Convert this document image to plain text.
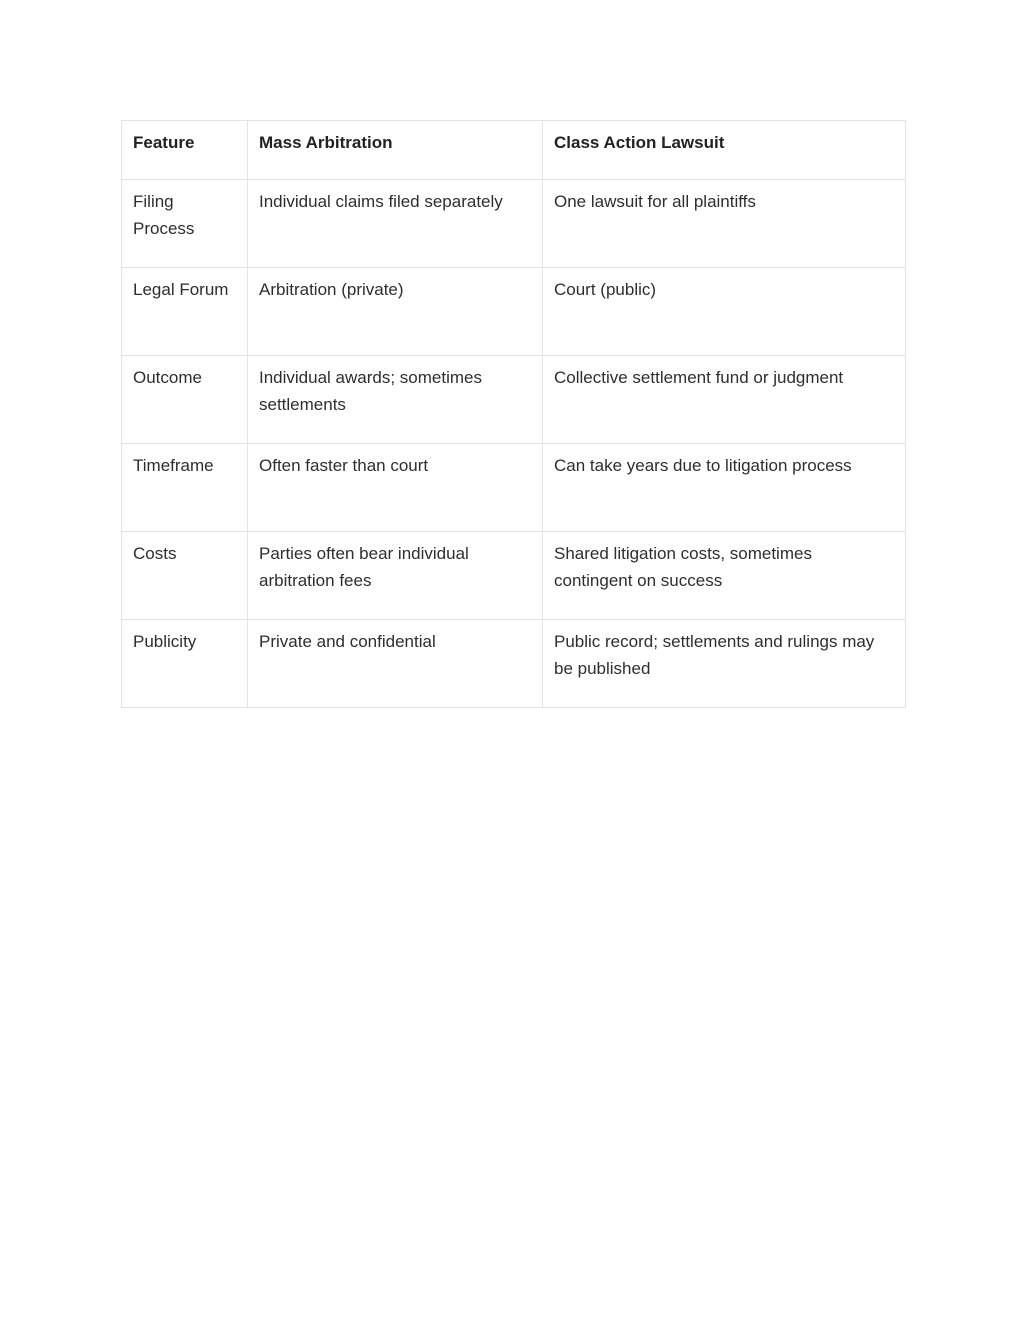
Feature	Mass Arbitration	Class Action Lawsuit
Filing Process	Individual claims filed separately	One lawsuit for all plaintiffs
Legal Forum	Arbitration (private)	Court (public)
Outcome	Individual awards; sometimes settlements	Collective settlement fund or judgment
Timeframe	Often faster than court	Can take years due to litigation process
Costs	Parties often bear individual arbitration fees	Shared litigation costs, sometimes contingent on success
Publicity	Private and confidential	Public record; settlements and rulings may be published
